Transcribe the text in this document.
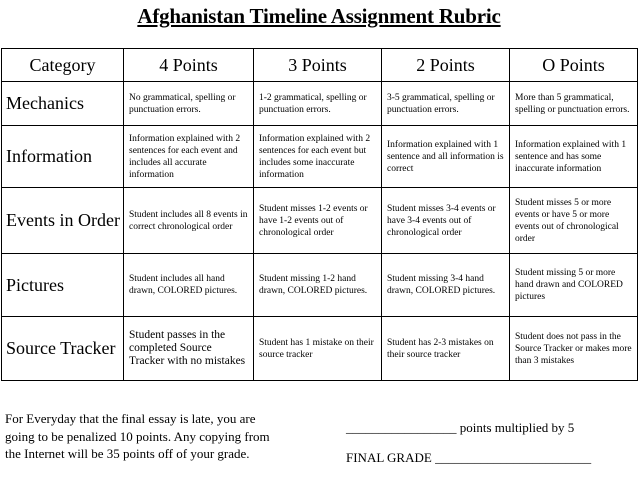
Afghanistan Timeline Assignment Rubric
Category	4 Points	3 Points	2 Points	O Points
Mechanics	No grammatical, spelling or punctuation errors.	1-2 grammatical, spelling or punctuation errors.	3-5 grammatical, spelling or punctuation errors.	More than 5 grammatical, spelling or punctuation errors.
Information	Information explained with 2 sentences for each event and includes all accurate information	Information explained with 2 sentences for each event but includes some inaccurate information	Information explained with 1 sentence and all information is correct	Information explained with 1 sentence and has some inaccurate information
Events in Order	Student includes all 8 events in correct chronological order	Student misses 1-2 events or have 1-2 events out of chronological order	Student misses 3-4 events or have 3-4 events out of chronological order	Student misses 5 or more events or have 5 or more events out of chronological order
Pictures	Student includes all hand drawn, COLORED pictures.	Student missing 1-2 hand drawn, COLORED pictures.	Student missing 3-4 hand drawn, COLORED pictures.	Student missing 5 or more hand drawn and COLORED pictures
Source Tracker	Student passes in the completed Source Tracker with no mistakes	Student has 1 mistake on their source tracker	Student has 2-3 mistakes on their source tracker	Student does not pass in the Source Tracker or makes more than 3 mistakes
For Everyday that the final essay is late, you are going to be penalized 10 points. Any copying from the Internet will be 35 points off of your grade.
_________________ points multiplied by 5
FINAL GRADE ________________________
